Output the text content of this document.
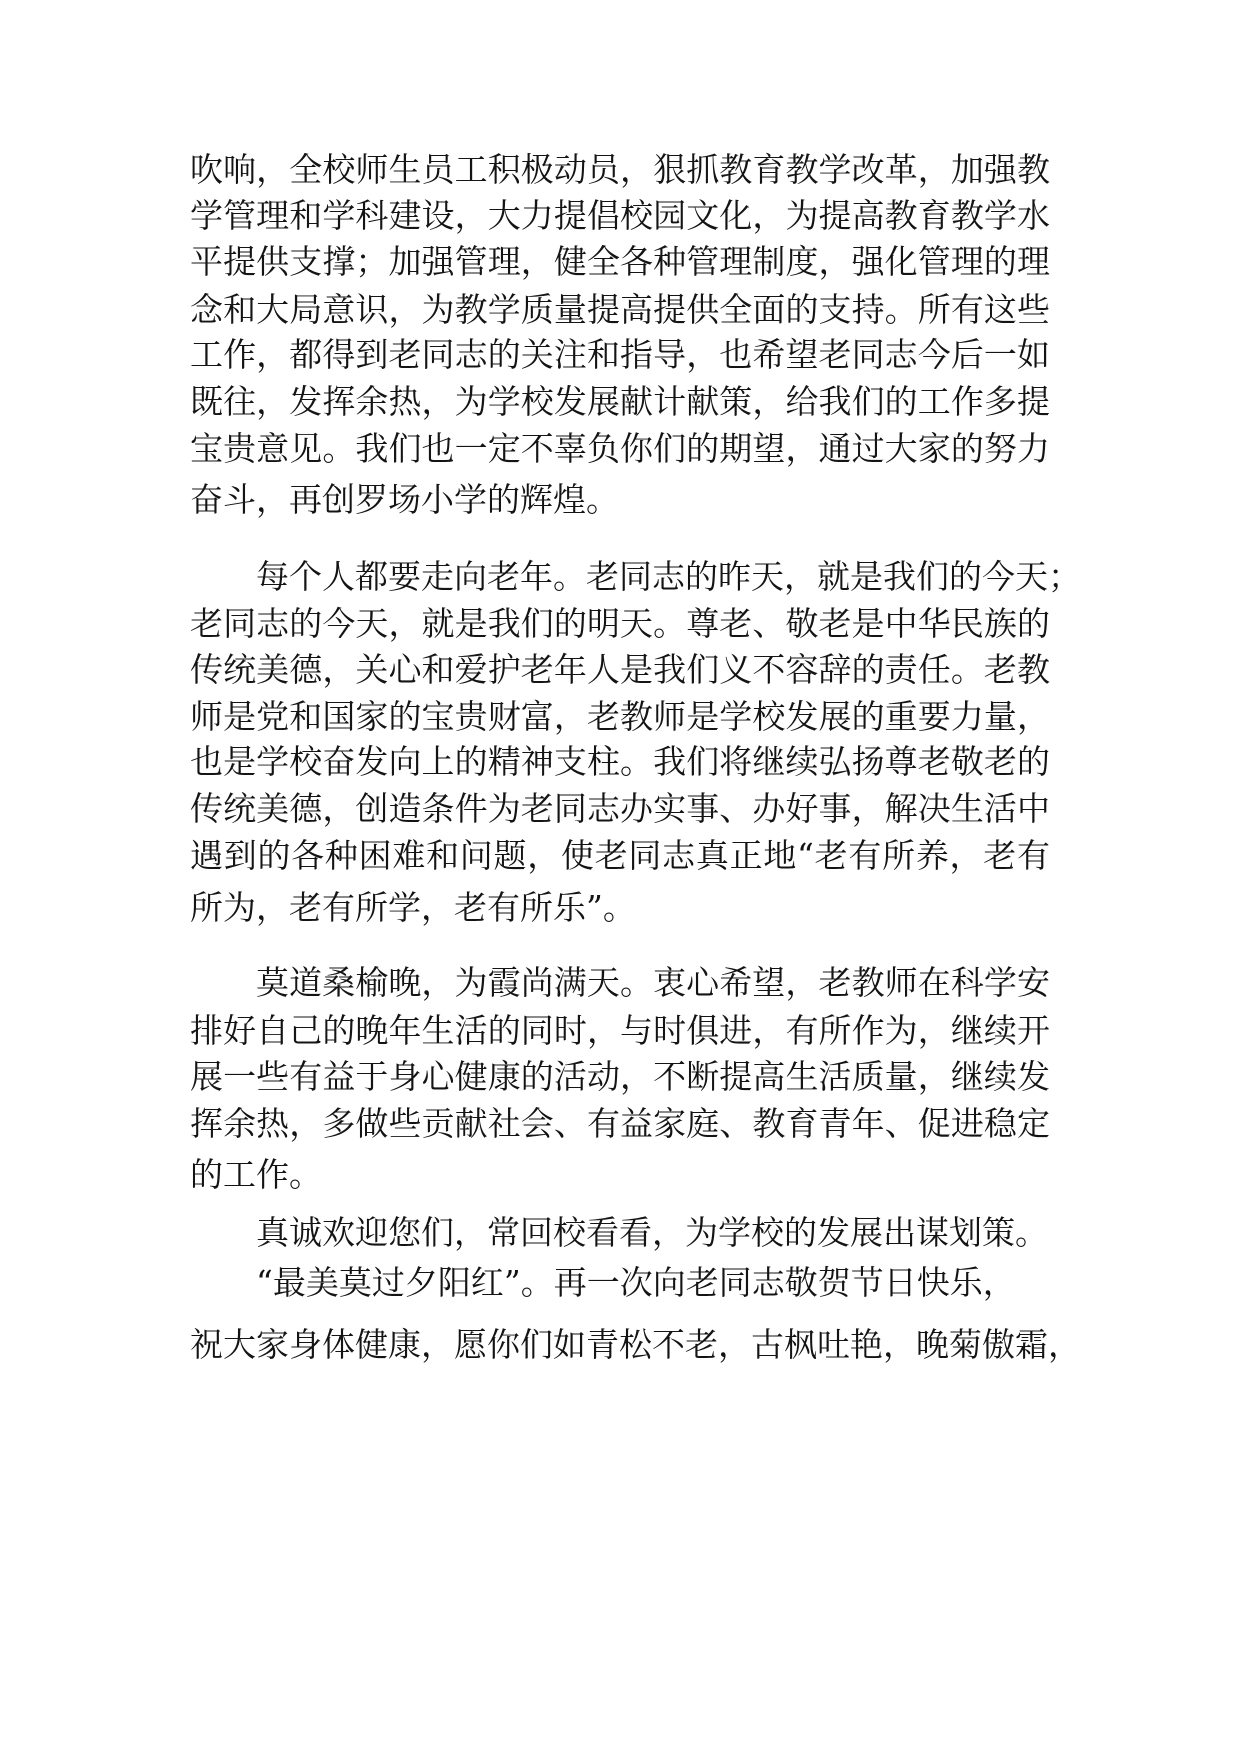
吹响，全校师生员工积极动员，狠抓教育教学改革，加强教
学管理和学科建设，大力提倡校园文化，为提高教育教学水
平提供支撑；加强管理，健全各种管理制度，强化管理的理
念和大局意识，为教学质量提高提供全面的支持。所有这些
工作，都得到老同志的关注和指导，也希望老同志今后一如
既往，发挥余热，为学校发展献计献策，给我们的工作多提
宝贵意见。我们也一定不辜负你们的期望，通过大家的努力
奋斗，再创罗场小学的辉煌。
每个人都要走向老年。老同志的昨天，就是我们的今天；
老同志的今天，就是我们的明天。尊老、敬老是中华民族的
传统美德，关心和爱护老年人是我们义不容辞的责任。老教
师是党和国家的宝贵财富，老教师是学校发展的重要力量，
也是学校奋发向上的精神支柱。我们将继续弘扬尊老敬老的
传统美德，创造条件为老同志办实事、办好事，解决生活中
遇到的各种困难和问题，使老同志真正地“老有所养，老有
所为，老有所学，老有所乐”。
莫道桑榆晚，为霞尚满天。衷心希望，老教师在科学安
排好自己的晚年生活的同时，与时俱进，有所作为，继续开
展一些有益于身心健康的活动，不断提高生活质量，继续发
挥余热，多做些贡献社会、有益家庭、教育青年、促进稳定
的工作。
真诚欢迎您们，常回校看看，为学校的发展出谋划策。
“最美莫过夕阳红”。再一次向老同志敬贺节日快乐，
祝大家身体健康，愿你们如青松不老，古枫吐艳，晚菊傲霜，
